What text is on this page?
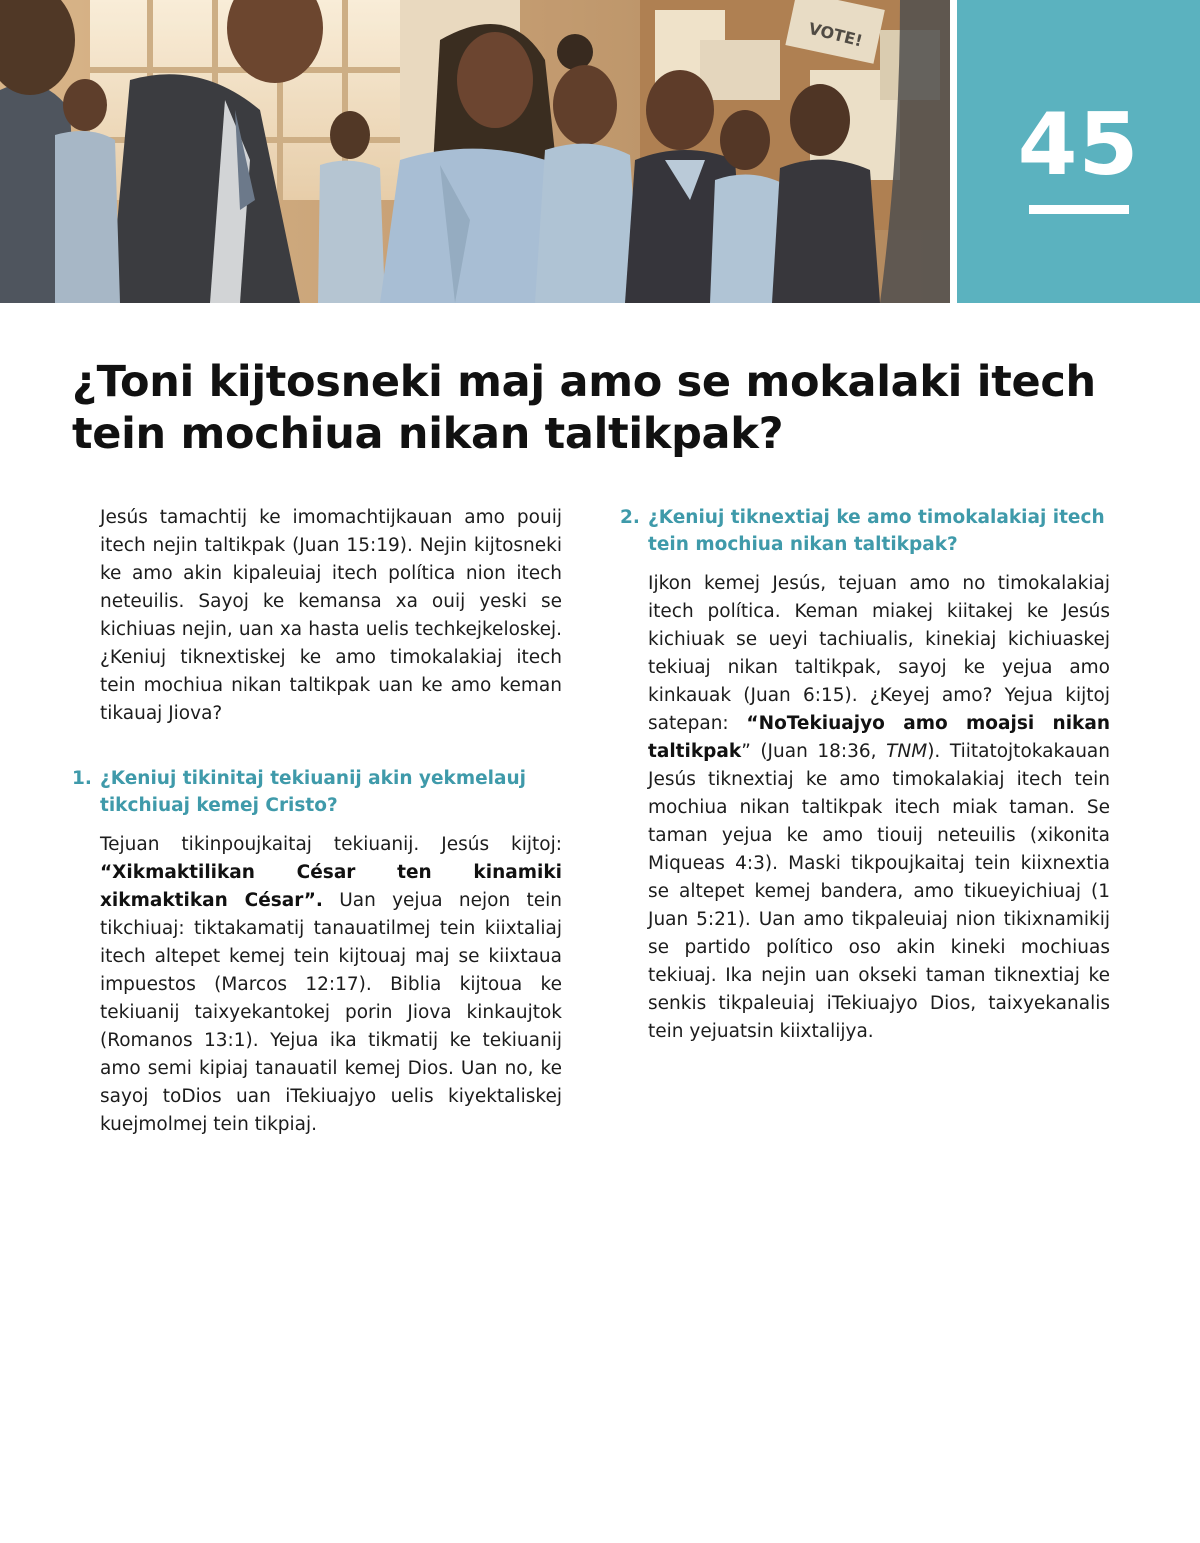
VOTE!
45
¿Toni kijtosneki maj amo se mokalaki itech tein mochiua nikan taltikpak?

Jesús tamachtij ke imomachtijkauan amo pouij itech nejin taltikpak (Juan 15:19). Nejin kijtosneki ke amo akin kipaleuiaj itech política nion itech neteuilis. Sayoj ke kemansa xa ouij yeski se kichiuas nejin, uan xa hasta uelis techkejkeloskej. ¿Keniuj tiknextiskej ke amo timokalakiaj itech tein mochiua nikan taltikpak uan ke amo keman tikauaj Jiova?

1. ¿Keniuj tikinitaj tekiuanij akin yekmelauj tikchiuaj kemej Cristo?

Tejuan tikinpoujkaitaj tekiuanij. Jesús kijtoj: “Xikmaktilikan César ten kinamiki xikmaktikan César”. Uan yejua nejon tein tikchiuaj: tiktakamatij tanauatilmej tein kiixtaliaj itech altepet kemej tein kijtouaj maj se kiixtaua impuestos (Marcos 12:17). Biblia kijtoua ke tekiuanij taixyekantokej porin Jiova kinkaujtok (Romanos 13:1). Yejua ika tikmatij ke tekiuanij amo semi kipiaj tanauatil kemej Dios. Uan no, ke sayoj toDios uan iTekiuajyo uelis kiyektaliskej kuejmolmej tein tikpiaj.

2. ¿Keniuj tiknextiaj ke amo timokalakiaj itech tein mochiua nikan taltikpak?

Ijkon kemej Jesús, tejuan amo no timokalakiaj itech política. Keman miakej kiitakej ke Jesús kichiuak se ueyi tachiualis, kinekiaj kichiuaskej tekiuaj nikan taltikpak, sayoj ke yejua amo kinkauak (Juan 6:15). ¿Keyej amo? Yejua kijtoj satepan: “NoTekiuajyo amo moajsi nikan taltikpak” (Juan 18:36, TNM). Tiitatojtokakauan Jesús tiknextiaj ke amo timokalakiaj itech tein mochiua nikan taltikpak itech miak taman. Se taman yejua ke amo tiouij neteuilis (xikonita Miqueas 4:3). Maski tikpoujkaitaj tein kiixnextia se altepet kemej bandera, amo tikueyichiuaj (1 Juan 5:21). Uan amo tikpaleuiaj nion tikixnamikij se partido político oso akin kineki mochiuas tekiuaj. Ika nejin uan okseki taman tiknextiaj ke senkis tikpaleuiaj iTekiuajyo Dios, taixyekanalis tein yejuatsin kiixtalijya.
